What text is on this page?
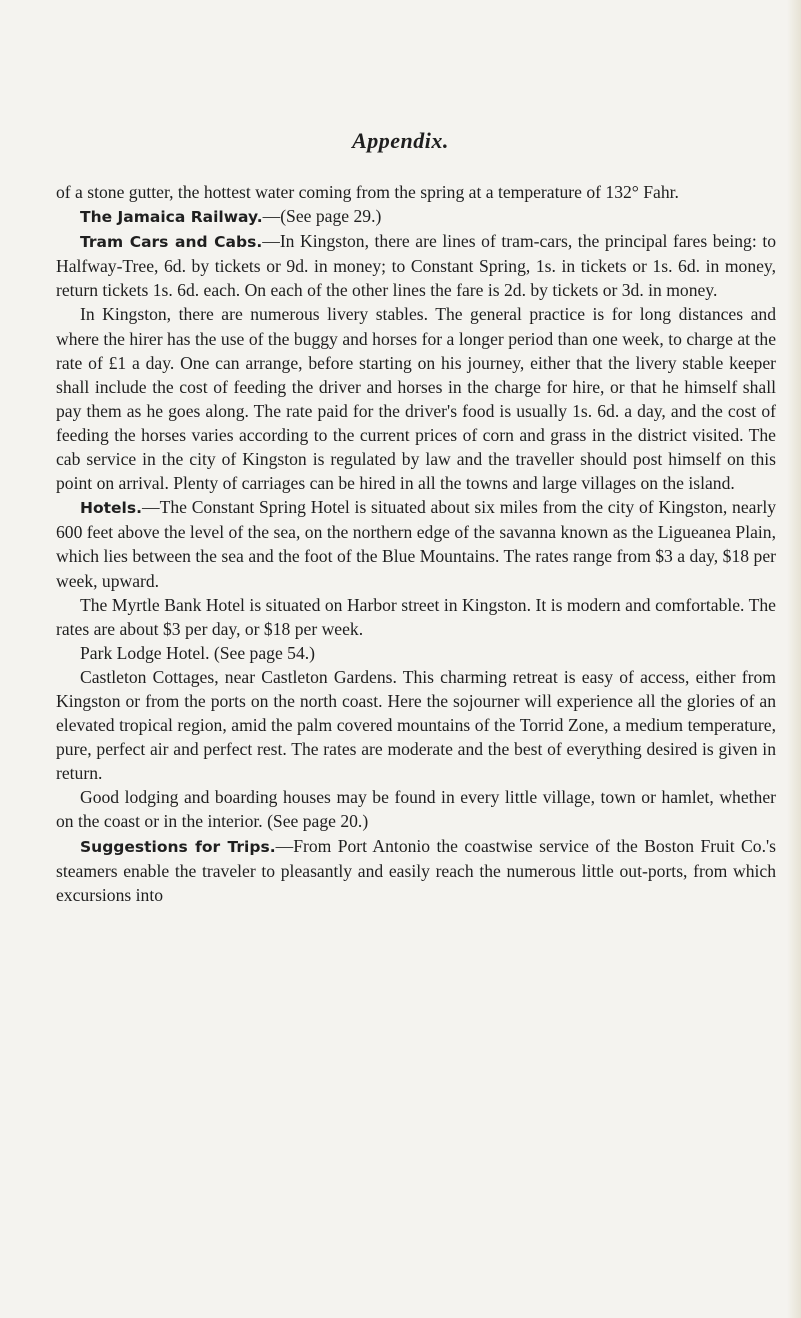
Appendix.

of a stone gutter, the hottest water coming from the spring at a temperature of 132° Fahr.

The Jamaica Railway.—(See page 29.)

Tram Cars and Cabs.—In Kingston, there are lines of tram-cars, the principal fares being: to Halfway-Tree, 6d. by tickets or 9d. in money; to Constant Spring, 1s. in tickets or 1s. 6d. in money, return tickets 1s. 6d. each. On each of the other lines the fare is 2d. by tickets or 3d. in money.

In Kingston, there are numerous livery stables. The general practice is for long distances and where the hirer has the use of the buggy and horses for a longer period than one week, to charge at the rate of £1 a day. One can arrange, before starting on his journey, either that the livery stable keeper shall include the cost of feeding the driver and horses in the charge for hire, or that he himself shall pay them as he goes along. The rate paid for the driver's food is usually 1s. 6d. a day, and the cost of feeding the horses varies according to the current prices of corn and grass in the district visited. The cab service in the city of Kingston is regulated by law and the traveller should post himself on this point on arrival. Plenty of carriages can be hired in all the towns and large villages on the island.

Hotels.—The Constant Spring Hotel is situated about six miles from the city of Kingston, nearly 600 feet above the level of the sea, on the northern edge of the savanna known as the Ligueanea Plain, which lies between the sea and the foot of the Blue Mountains. The rates range from $3 a day, $18 per week, upward.

The Myrtle Bank Hotel is situated on Harbor street in Kingston. It is modern and comfortable. The rates are about $3 per day, or $18 per week.

Park Lodge Hotel. (See page 54.)

Castleton Cottages, near Castleton Gardens. This charming retreat is easy of access, either from Kingston or from the ports on the north coast. Here the sojourner will experience all the glories of an elevated tropical region, amid the palm covered mountains of the Torrid Zone, a medium temperature, pure, perfect air and perfect rest. The rates are moderate and the best of everything desired is given in return.

Good lodging and boarding houses may be found in every little village, town or hamlet, whether on the coast or in the interior. (See page 20.)

Suggestions for Trips.—From Port Antonio the coastwise service of the Boston Fruit Co.'s steamers enable the traveler to pleasantly and easily reach the numerous little out-ports, from which excursions into
